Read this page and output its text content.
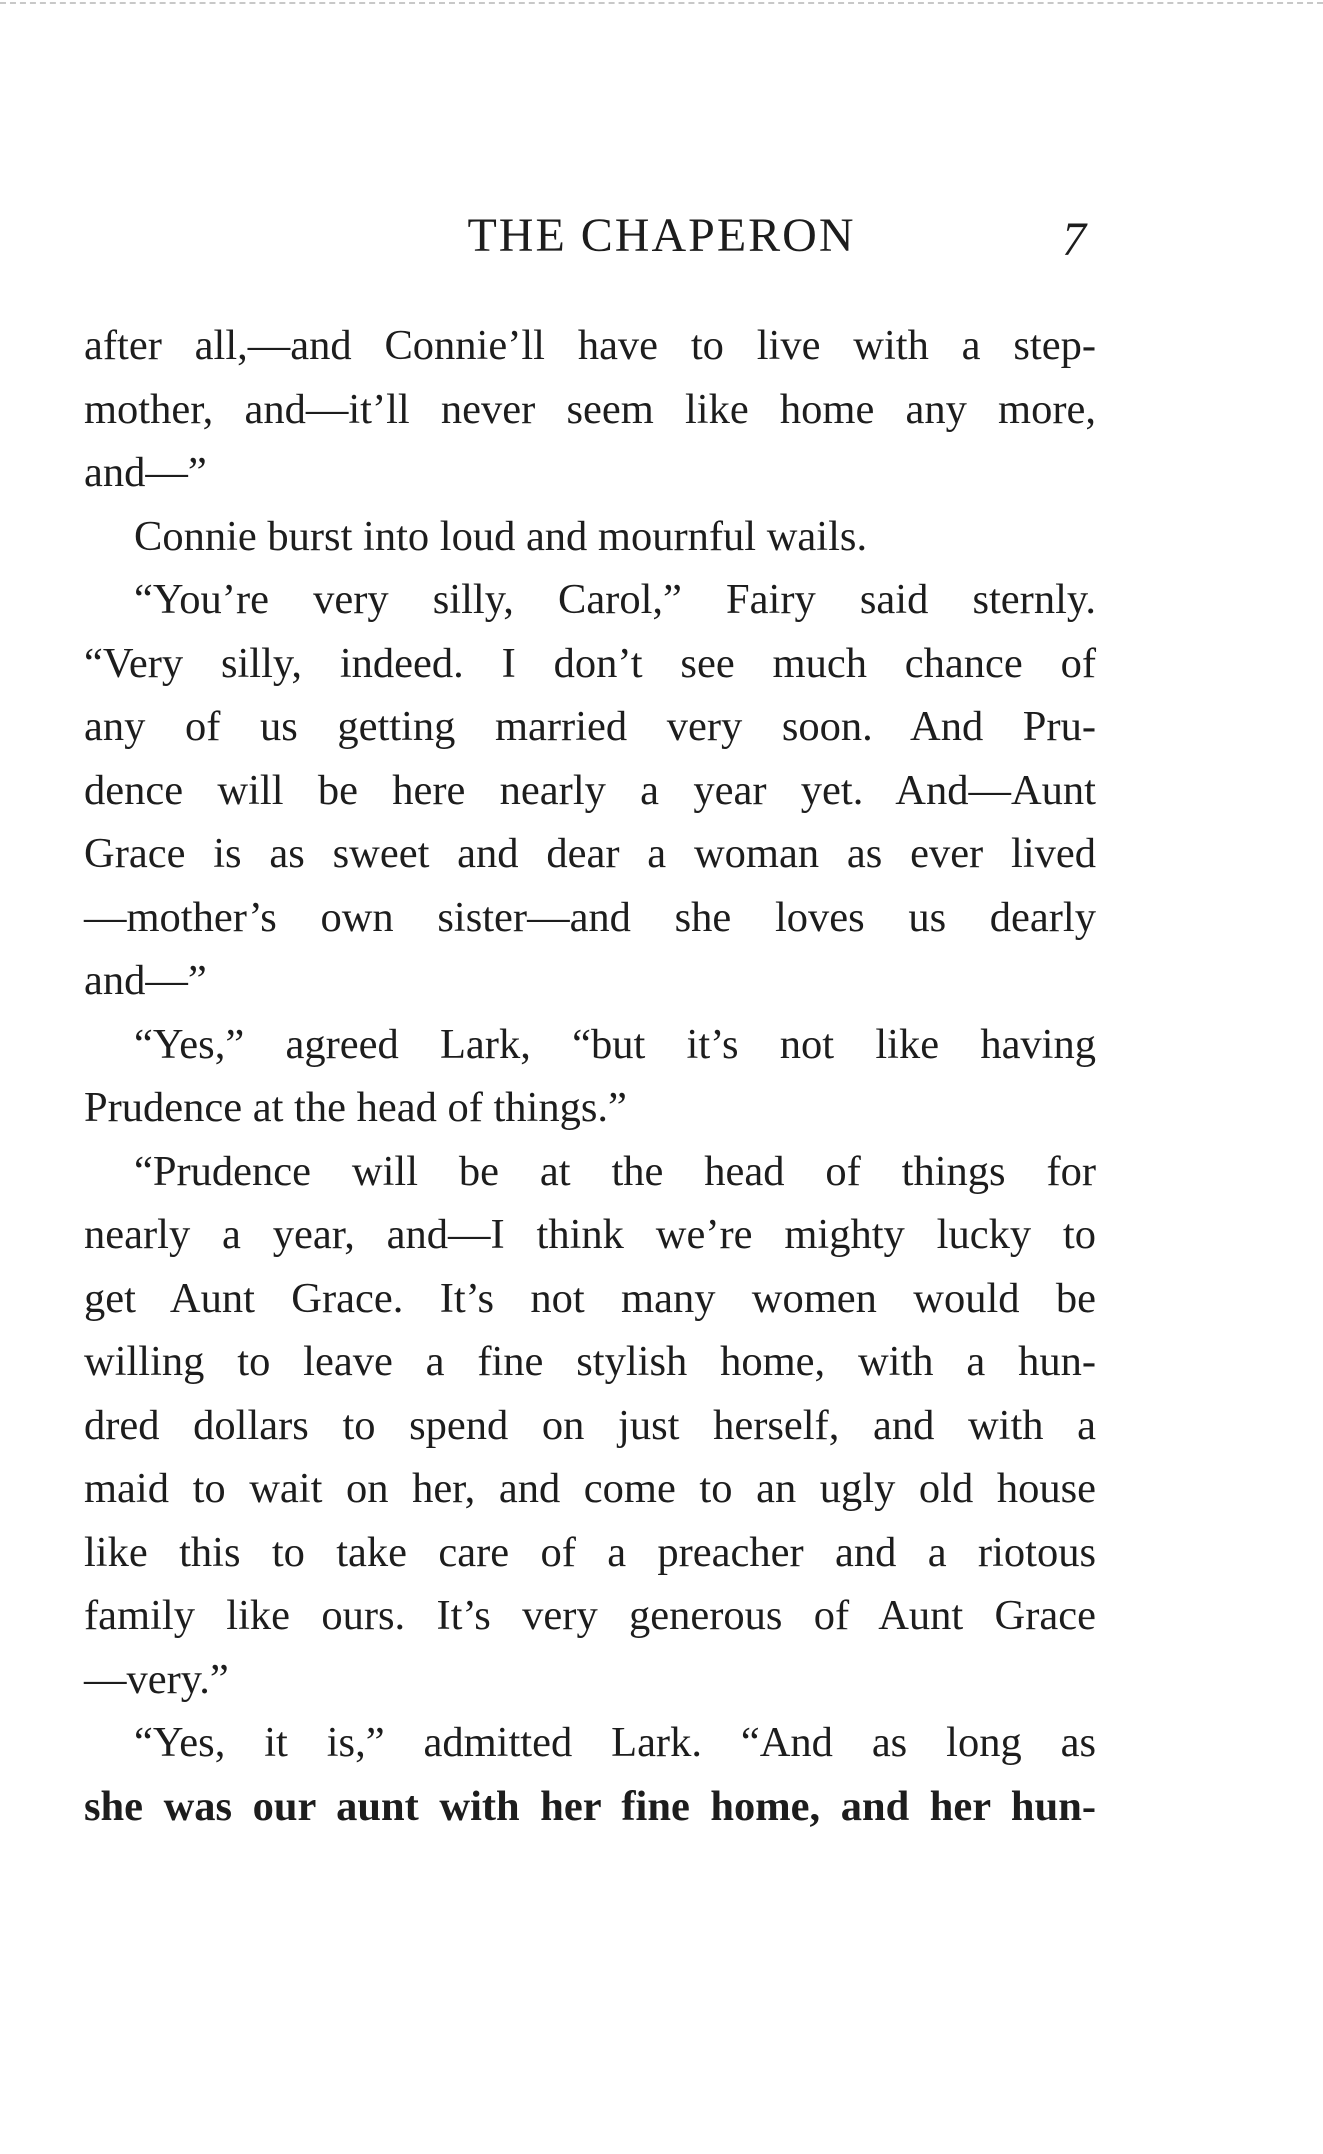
THE CHAPERON	7
after all,—and Connie’ll have to live with a step-
mother, and—it’ll never seem like home any more,
and—”
Connie burst into loud and mournful wails.
“You’re very silly, Carol,” Fairy said sternly.
“Very silly, indeed. I don’t see much chance of
any of us getting married very soon. And Pru-
dence will be here nearly a year yet. And—Aunt
Grace is as sweet and dear a woman as ever lived
—mother’s own sister—and she loves us dearly
and—”
“Yes,” agreed Lark, “but it’s not like having
Prudence at the head of things.”
“Prudence will be at the head of things for
nearly a year, and—I think we’re mighty lucky to
get Aunt Grace. It’s not many women would be
willing to leave a fine stylish home, with a hun-
dred dollars to spend on just herself, and with a
maid to wait on her, and come to an ugly old house
like this to take care of a preacher and a riotous
family like ours. It’s very generous of Aunt Grace
—very.”
“Yes, it is,” admitted Lark. “And as long as
she was our aunt with her fine home, and her hun-
